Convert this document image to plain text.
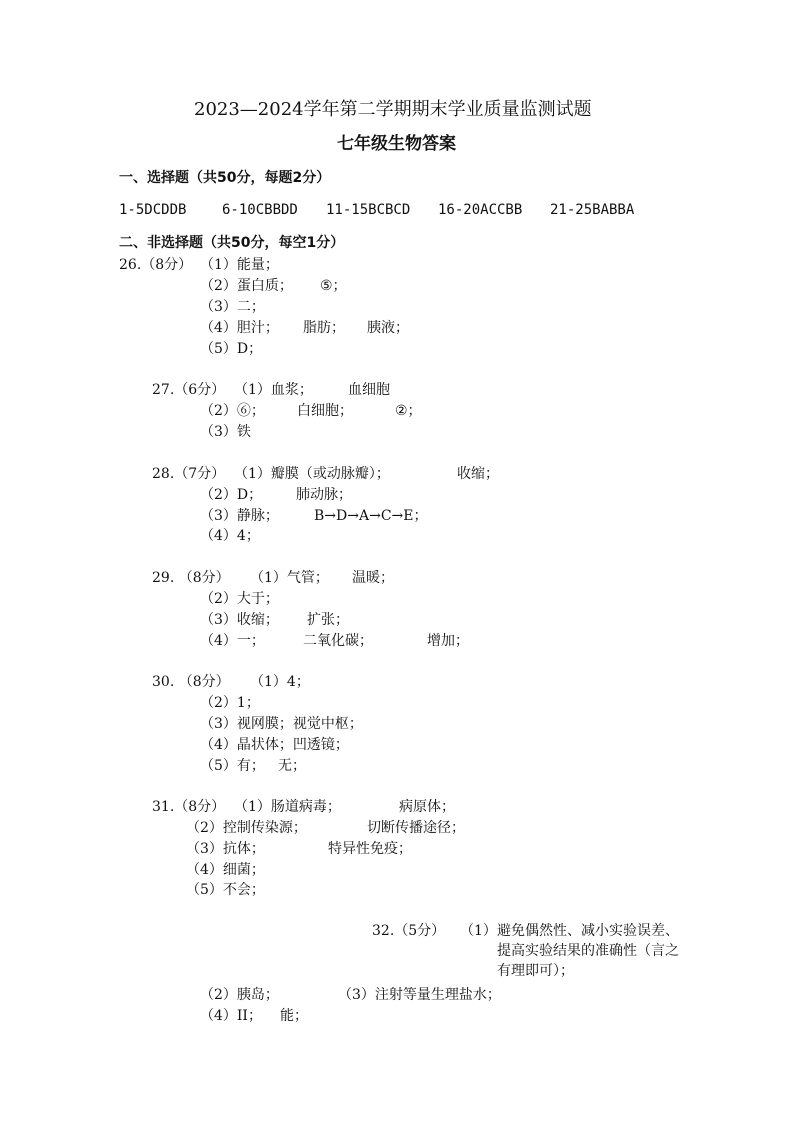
2023—2024学年第二学期期末学业质量监测试题
七年级生物答案
一、选择题（共50分，每题2分）
1-5DCDDB	6-10CBBDD 11-15BCBCD 16-20ACCBB 21-25BABBA
二、非选择题（共50分，每空1分）
26.（8分） （1）能量；
（2）蛋白质； ⑤；
（3）二；
（4）胆汁； 脂肪； 胰液；
（5）D；
27.（6分） （1）血浆；	血细胞
（2）⑥； 白细胞；	②；
（3）铁
28.（7分） （1）瓣膜（或动脉瓣）；	收缩；
（2）D； 肺动脉；
（3）静脉；	B→D→A→C→E；
（4）4；
29. （8分） （1）气管； 温暖；
（2）大于；
（3）收缩； 扩张；
（4）一；	二氧化碳；	增加；
30. （8分） （1）4；
（2）1；
（3）视网膜；视觉中枢；
（4）晶状体；凹透镜；
（5）有； 无；
31.（8分） （1）肠道病毒；	病原体；
（2）控制传染源；	切断传播途径；
（3）抗体；	特异性免疫；
（4）细菌；
（5）不会；
32.（5分） （1） 避免偶然性、减小实验误差、提高实验结果的准确性（言之有理即可）；
（2）胰岛；	（3）注射等量生理盐水；
（4）II； 能；
